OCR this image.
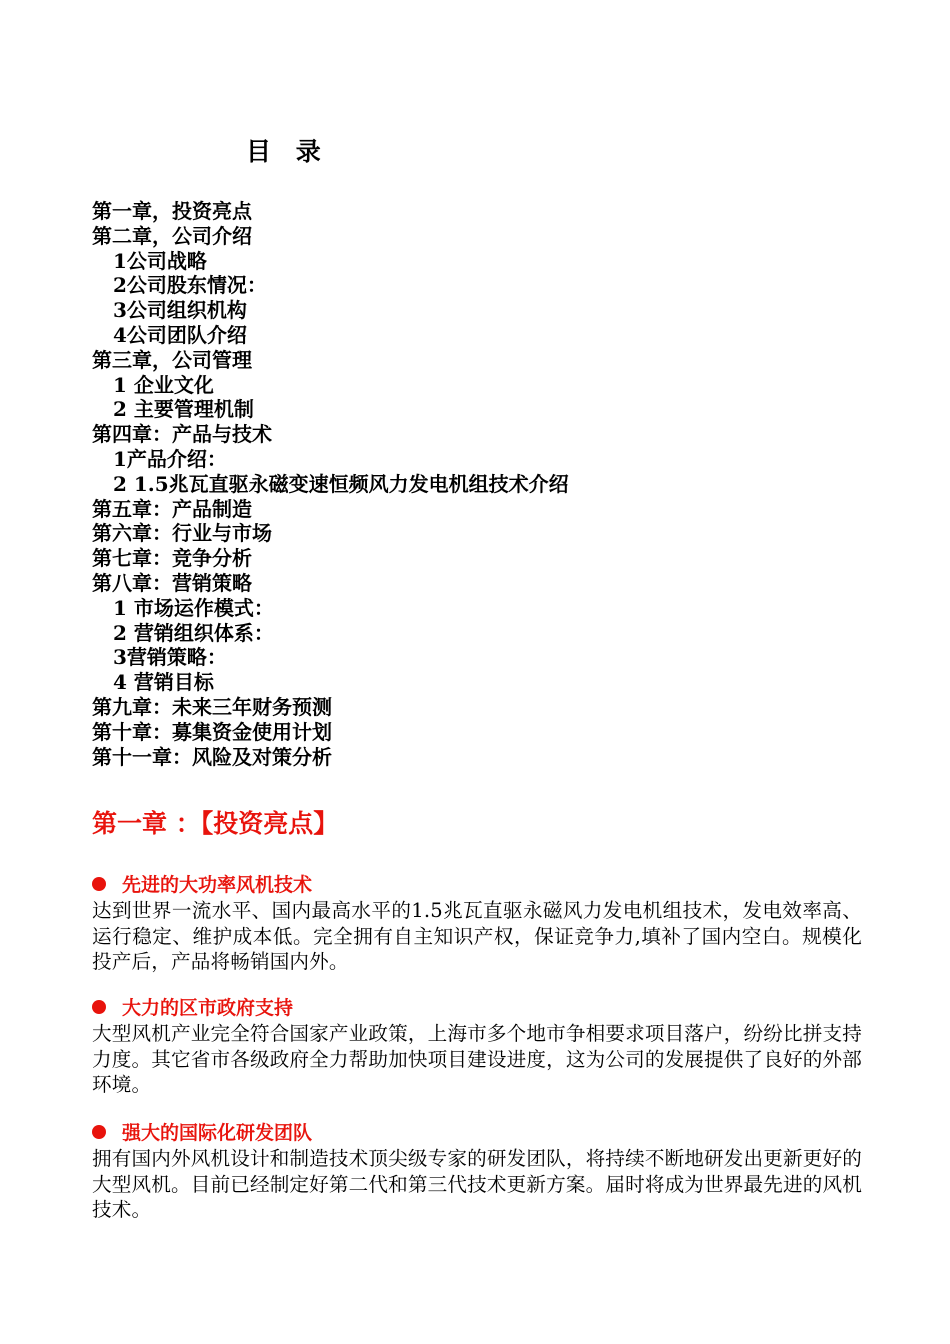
目 录
第一章，投资亮点
第二章，公司介绍
1公司战略
2公司股东情况：
3公司组织机构
4公司团队介绍
第三章，公司管理
1 企业文化
2 主要管理机制
第四章：产品与技术
1产品介绍：
2 1.5兆瓦直驱永磁变速恒频风力发电机组技术介绍
第五章：产品制造
第六章：行业与市场
第七章：竞争分析
第八章：营销策略
1 市场运作模式：
2 营销组织体系：
3营销策略：
4 营销目标
第九章：未来三年财务预测
第十章：募集资金使用计划
第十一章：风险及对策分析
第一章 ：【投资亮点】
先进的大功率风机技术

达到世界一流水平、国内最高水平的1.5兆瓦直驱永磁风力发电机组技术，发电效率高、运行稳定、维护成本低。完全拥有自主知识产权，保证竞争力,填补了国内空白。规模化投产后，产品将畅销国内外。

大力的区市政府支持

大型风机产业完全符合国家产业政策，上海市多个地市争相要求项目落户，纷纷比拼支持力度。其它省市各级政府全力帮助加快项目建设进度，这为公司的发展提供了良好的外部环境。

强大的国际化研发团队

拥有国内外风机设计和制造技术顶尖级专家的研发团队，将持续不断地研发出更新更好的大型风机。目前已经制定好第二代和第三代技术更新方案。届时将成为世界最先进的风机技术。
